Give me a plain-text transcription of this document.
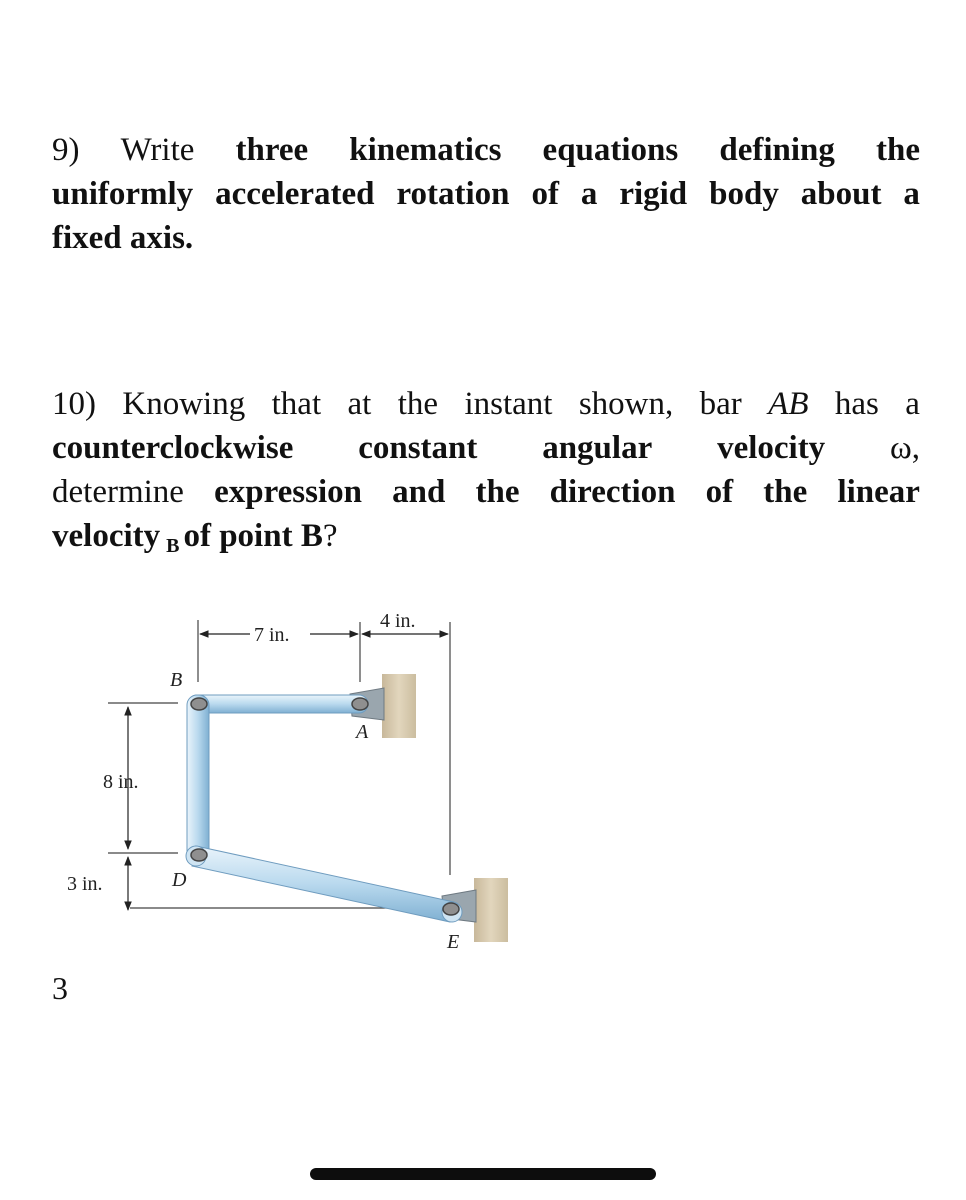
9) Write three kinematics equations defining the
uniformly accelerated rotation of a rigid body about a
fixed axis.
10) Knowing that at the instant shown, bar AB has a
counterclockwise constant angular velocity ω,
determine expression and the direction of the linear
velocity B of point B ?
7 in.
4 in.
8 in.
3 in.
B
A
D
E
3
